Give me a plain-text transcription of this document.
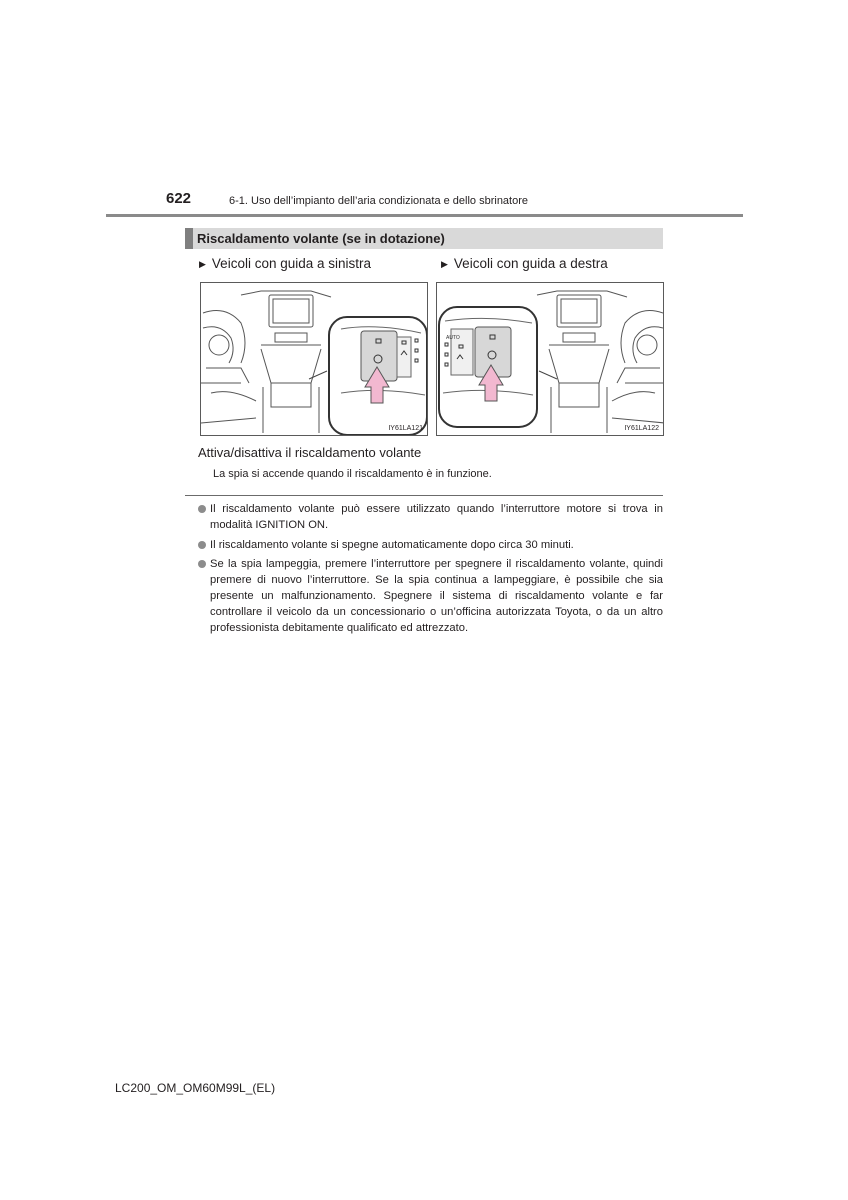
622	6-1. Uso dell’impianto dell’aria condizionata e dello sbrinatore
Riscaldamento volante (se in dotazione)
▶ Veicoli con guida a sinistra	▶ Veicoli con guida a destra
IY61LA121
AUTO
IY61LA122
Attiva/disattiva il riscaldamento volante
La spia si accende quando il riscaldamento è in funzione.
Il riscaldamento volante può essere utilizzato quando l’interruttore motore si trova in modalità IGNITION ON.
Il riscaldamento volante si spegne automaticamente dopo circa 30 minuti.
Se la spia lampeggia, premere l’interruttore per spegnere il riscaldamento volante, quindi premere di nuovo l’interruttore. Se la spia continua a lampeggiare, è possibile che sia presente un malfunzionamento. Spegnere il sistema di riscaldamento volante e far controllare il veicolo da un concessionario o un’officina autorizzata Toyota, o da un altro professionista debitamente qualificato ed attrezzato.
LC200_OM_OM60M99L_(EL)
